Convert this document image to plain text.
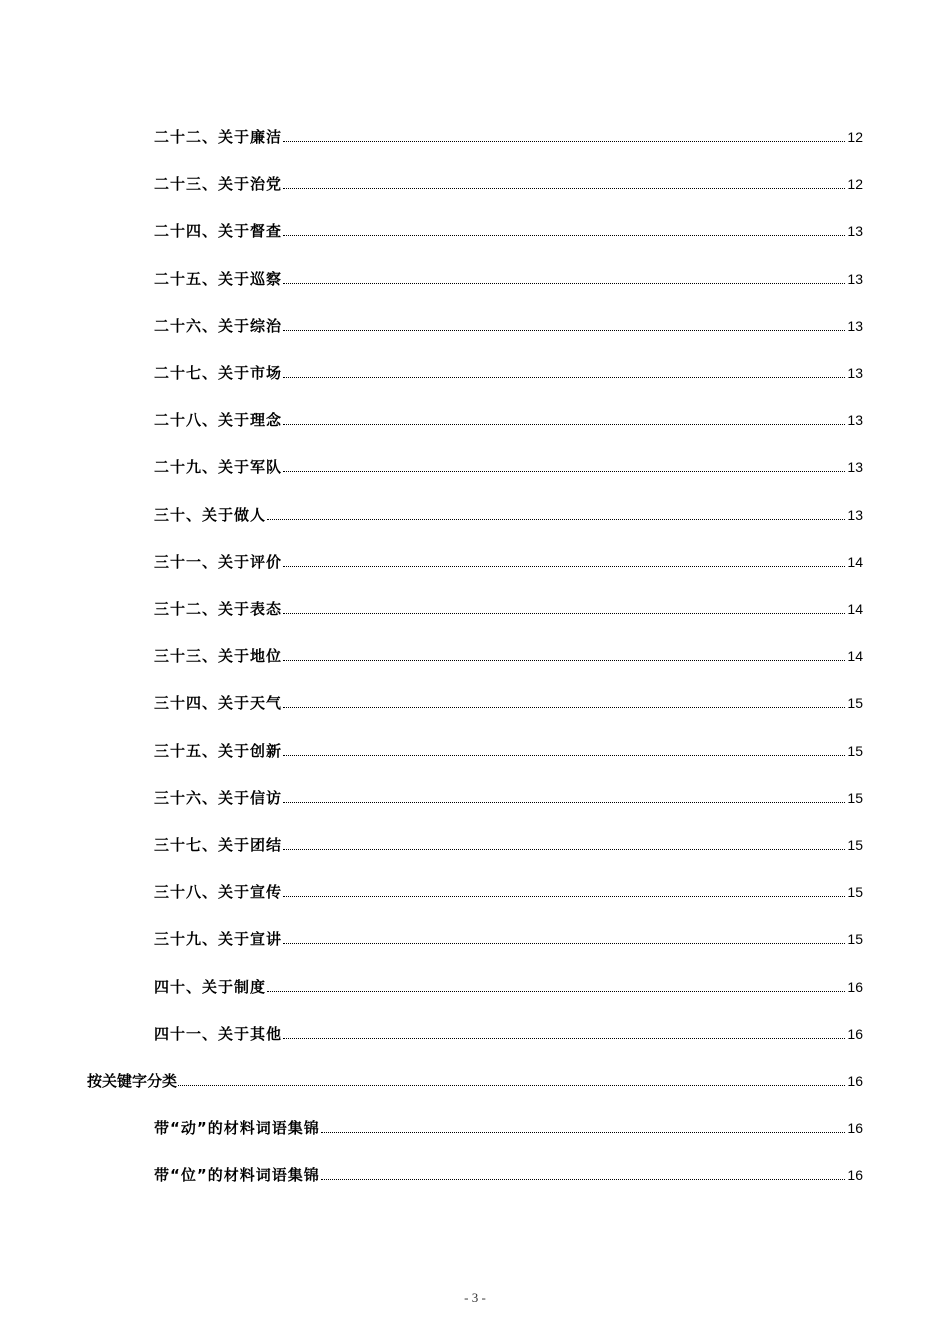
二十二、关于廉洁	12
二十三、关于治党	12
二十四、关于督查	13
二十五、关于巡察	13
二十六、关于综治	13
二十七、关于市场	13
二十八、关于理念	13
二十九、关于军队	13
三十、关于做人	13
三十一、关于评价	14
三十二、关于表态	14
三十三、关于地位	14
三十四、关于天气	15
三十五、关于创新	15
三十六、关于信访	15
三十七、关于团结	15
三十八、关于宣传	15
三十九、关于宣讲	15
四十、关于制度	16
四十一、关于其他	16
按关键字分类	16
带“动”的材料词语集锦	16
带“位”的材料词语集锦	16
- 3 -
